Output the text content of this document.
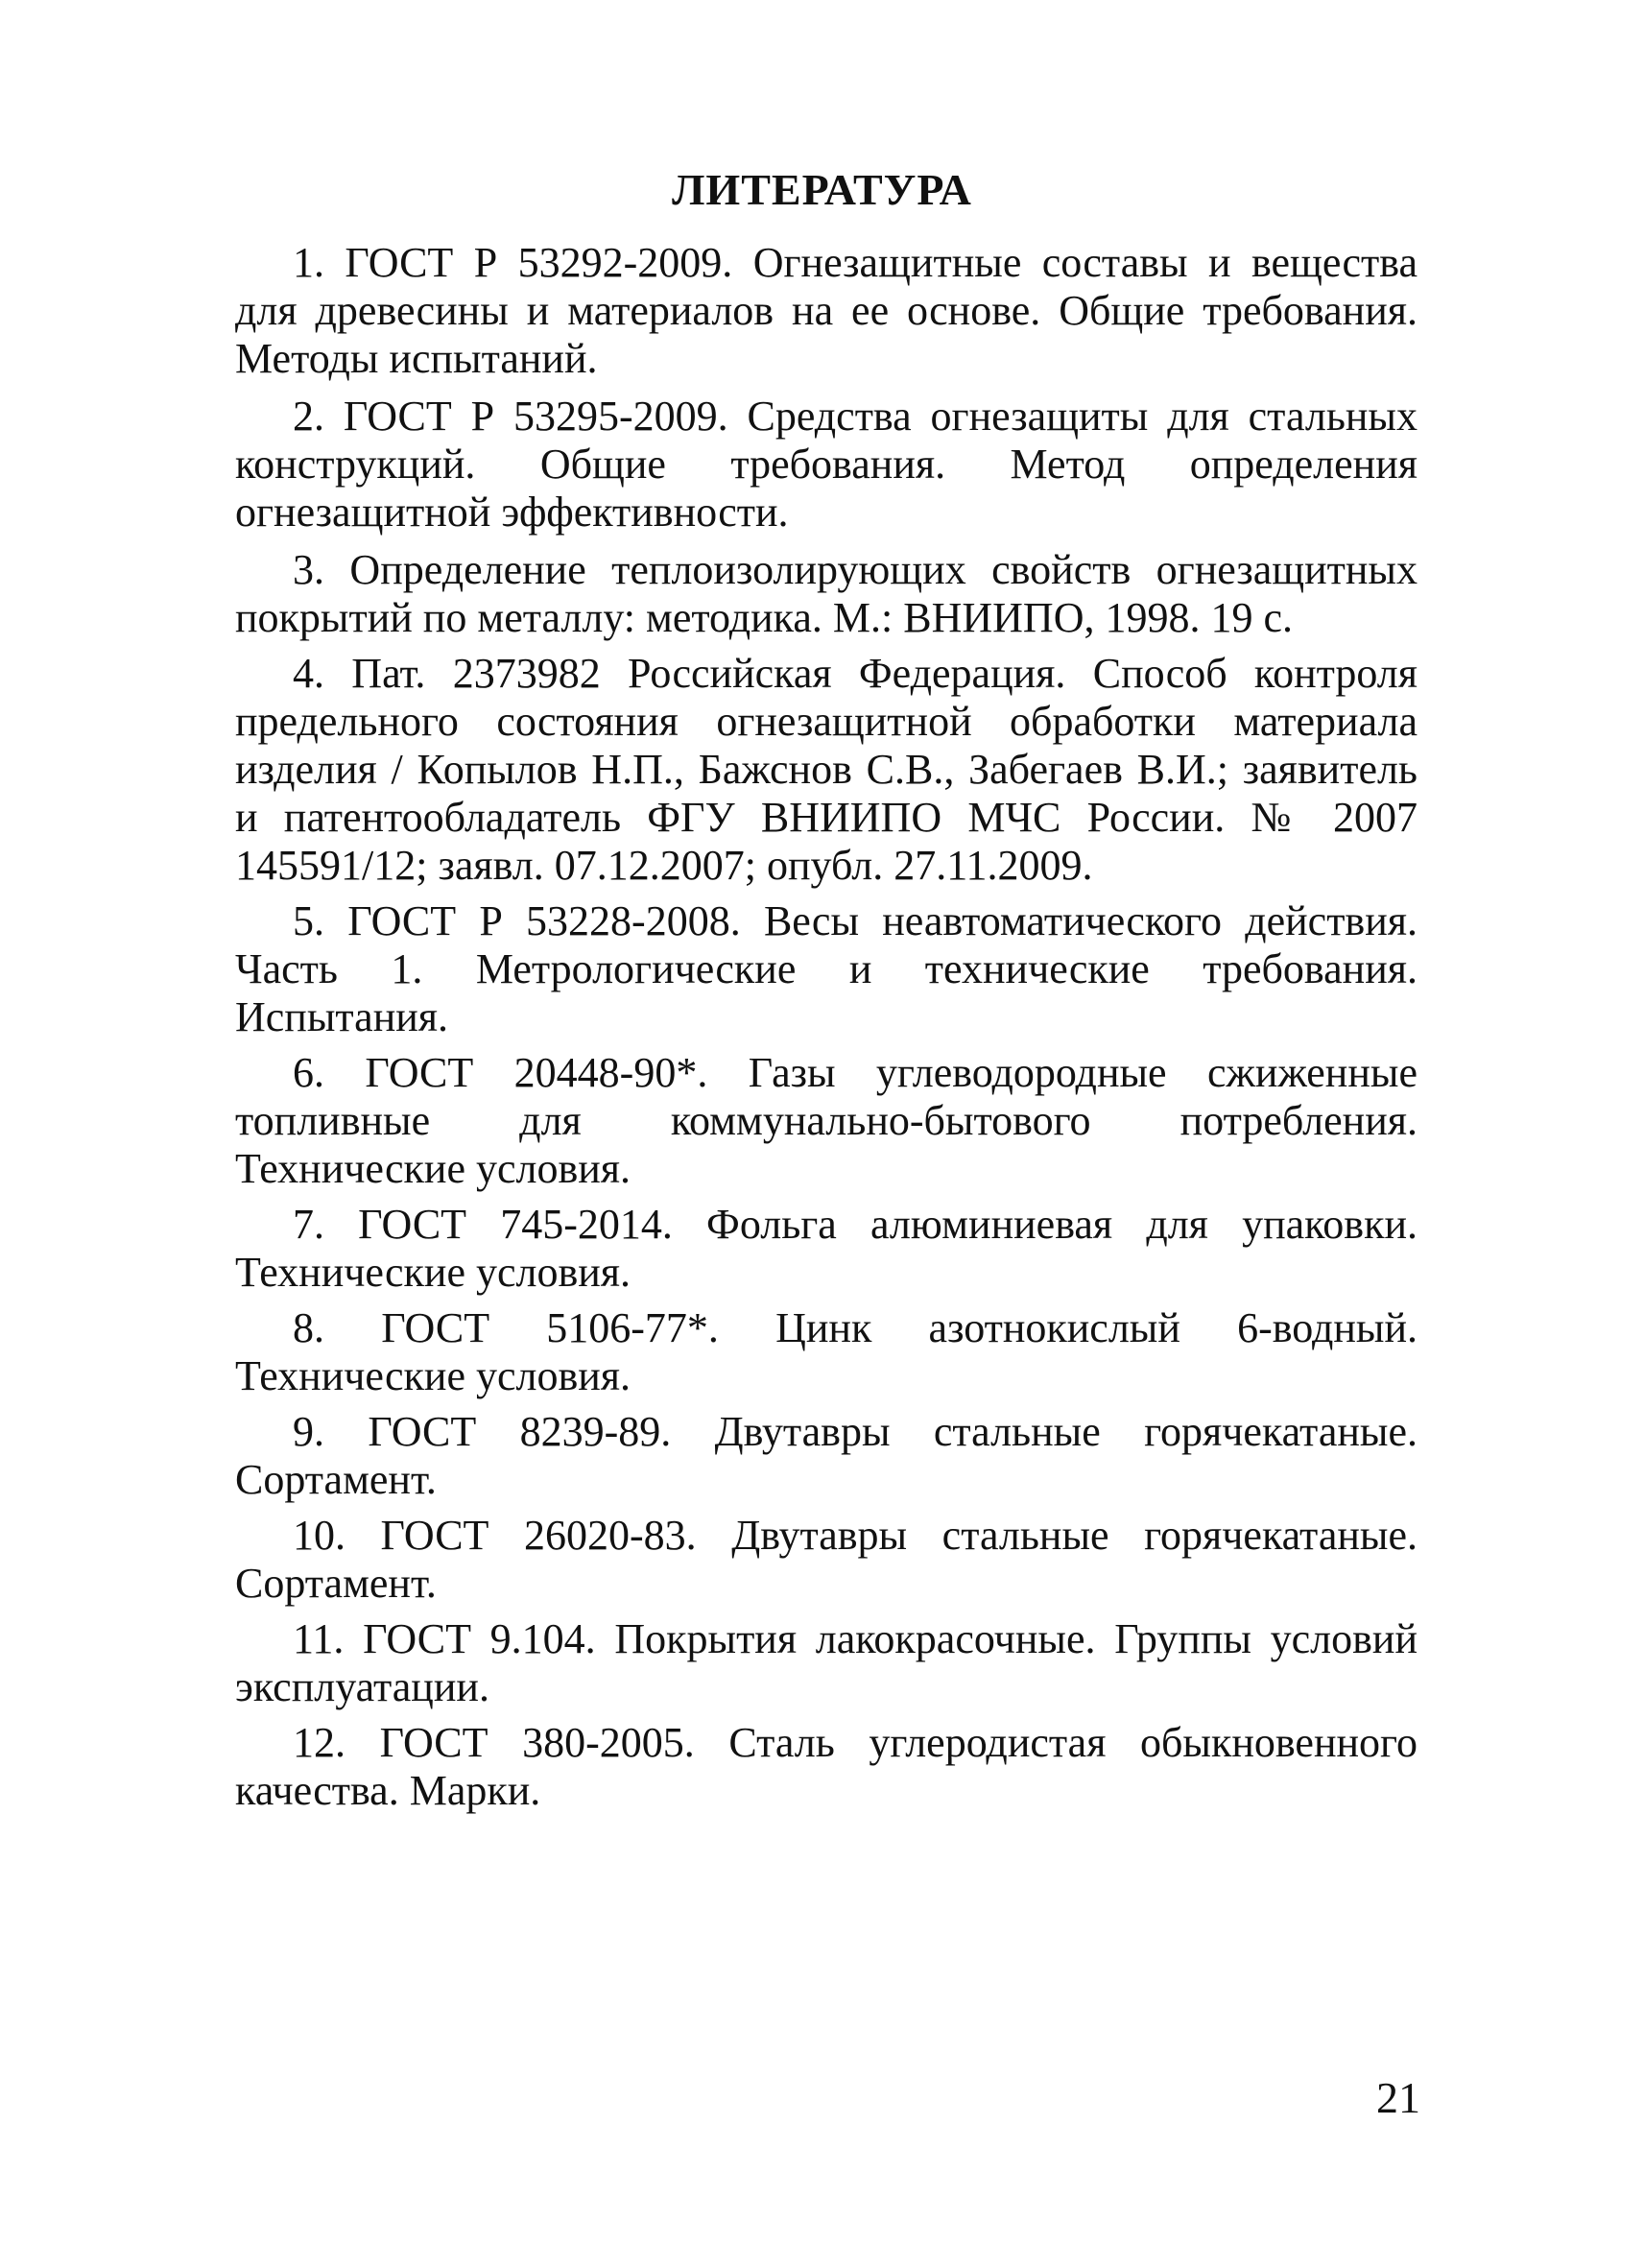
ЛИТЕРАТУРА
1. ГОСТ Р 53292-2009. Огнезащитные составы и вещества для древесины и материалов на ее основе. Общие требования. Методы испытаний.
2. ГОСТ Р 53295-2009. Средства огнезащиты для стальных конструкций. Общие требования. Метод определения огнезащитной эффективности.
3. Определение теплоизолирующих свойств огнезащитных покрытий по металлу: методика. М.: ВНИИПО, 1998. 19 с.
4. Пат. 2373982 Российская Федерация. Способ контроля предельного состояния огнезащитной обработки материала изделия / Копылов Н.П., Бажснов С.В., Забегаев В.И.; заявитель и патентообладатель ФГУ ВНИИПО МЧС России. № 2007 145591/12; заявл. 07.12.2007; опубл. 27.11.2009.
5. ГОСТ Р 53228-2008. Весы неавтоматического действия. Часть 1. Метрологические и технические требования. Испытания.
6. ГОСТ 20448-90*. Газы углеводородные сжиженные топливные для коммунально-бытового потребления. Технические условия.
7. ГОСТ 745-2014. Фольга алюминиевая для упаковки. Технические условия.
8. ГОСТ 5106-77*. Цинк азотнокислый 6-водный. Технические условия.
9. ГОСТ 8239-89. Двутавры стальные горячекатаные. Сортамент.
10. ГОСТ 26020-83. Двутавры стальные горячекатаные. Сортамент.
11. ГОСТ 9.104. Покрытия лакокрасочные. Группы условий эксплуатации.
12. ГОСТ 380-2005. Сталь углеродистая обыкновенного качества. Марки.
21
